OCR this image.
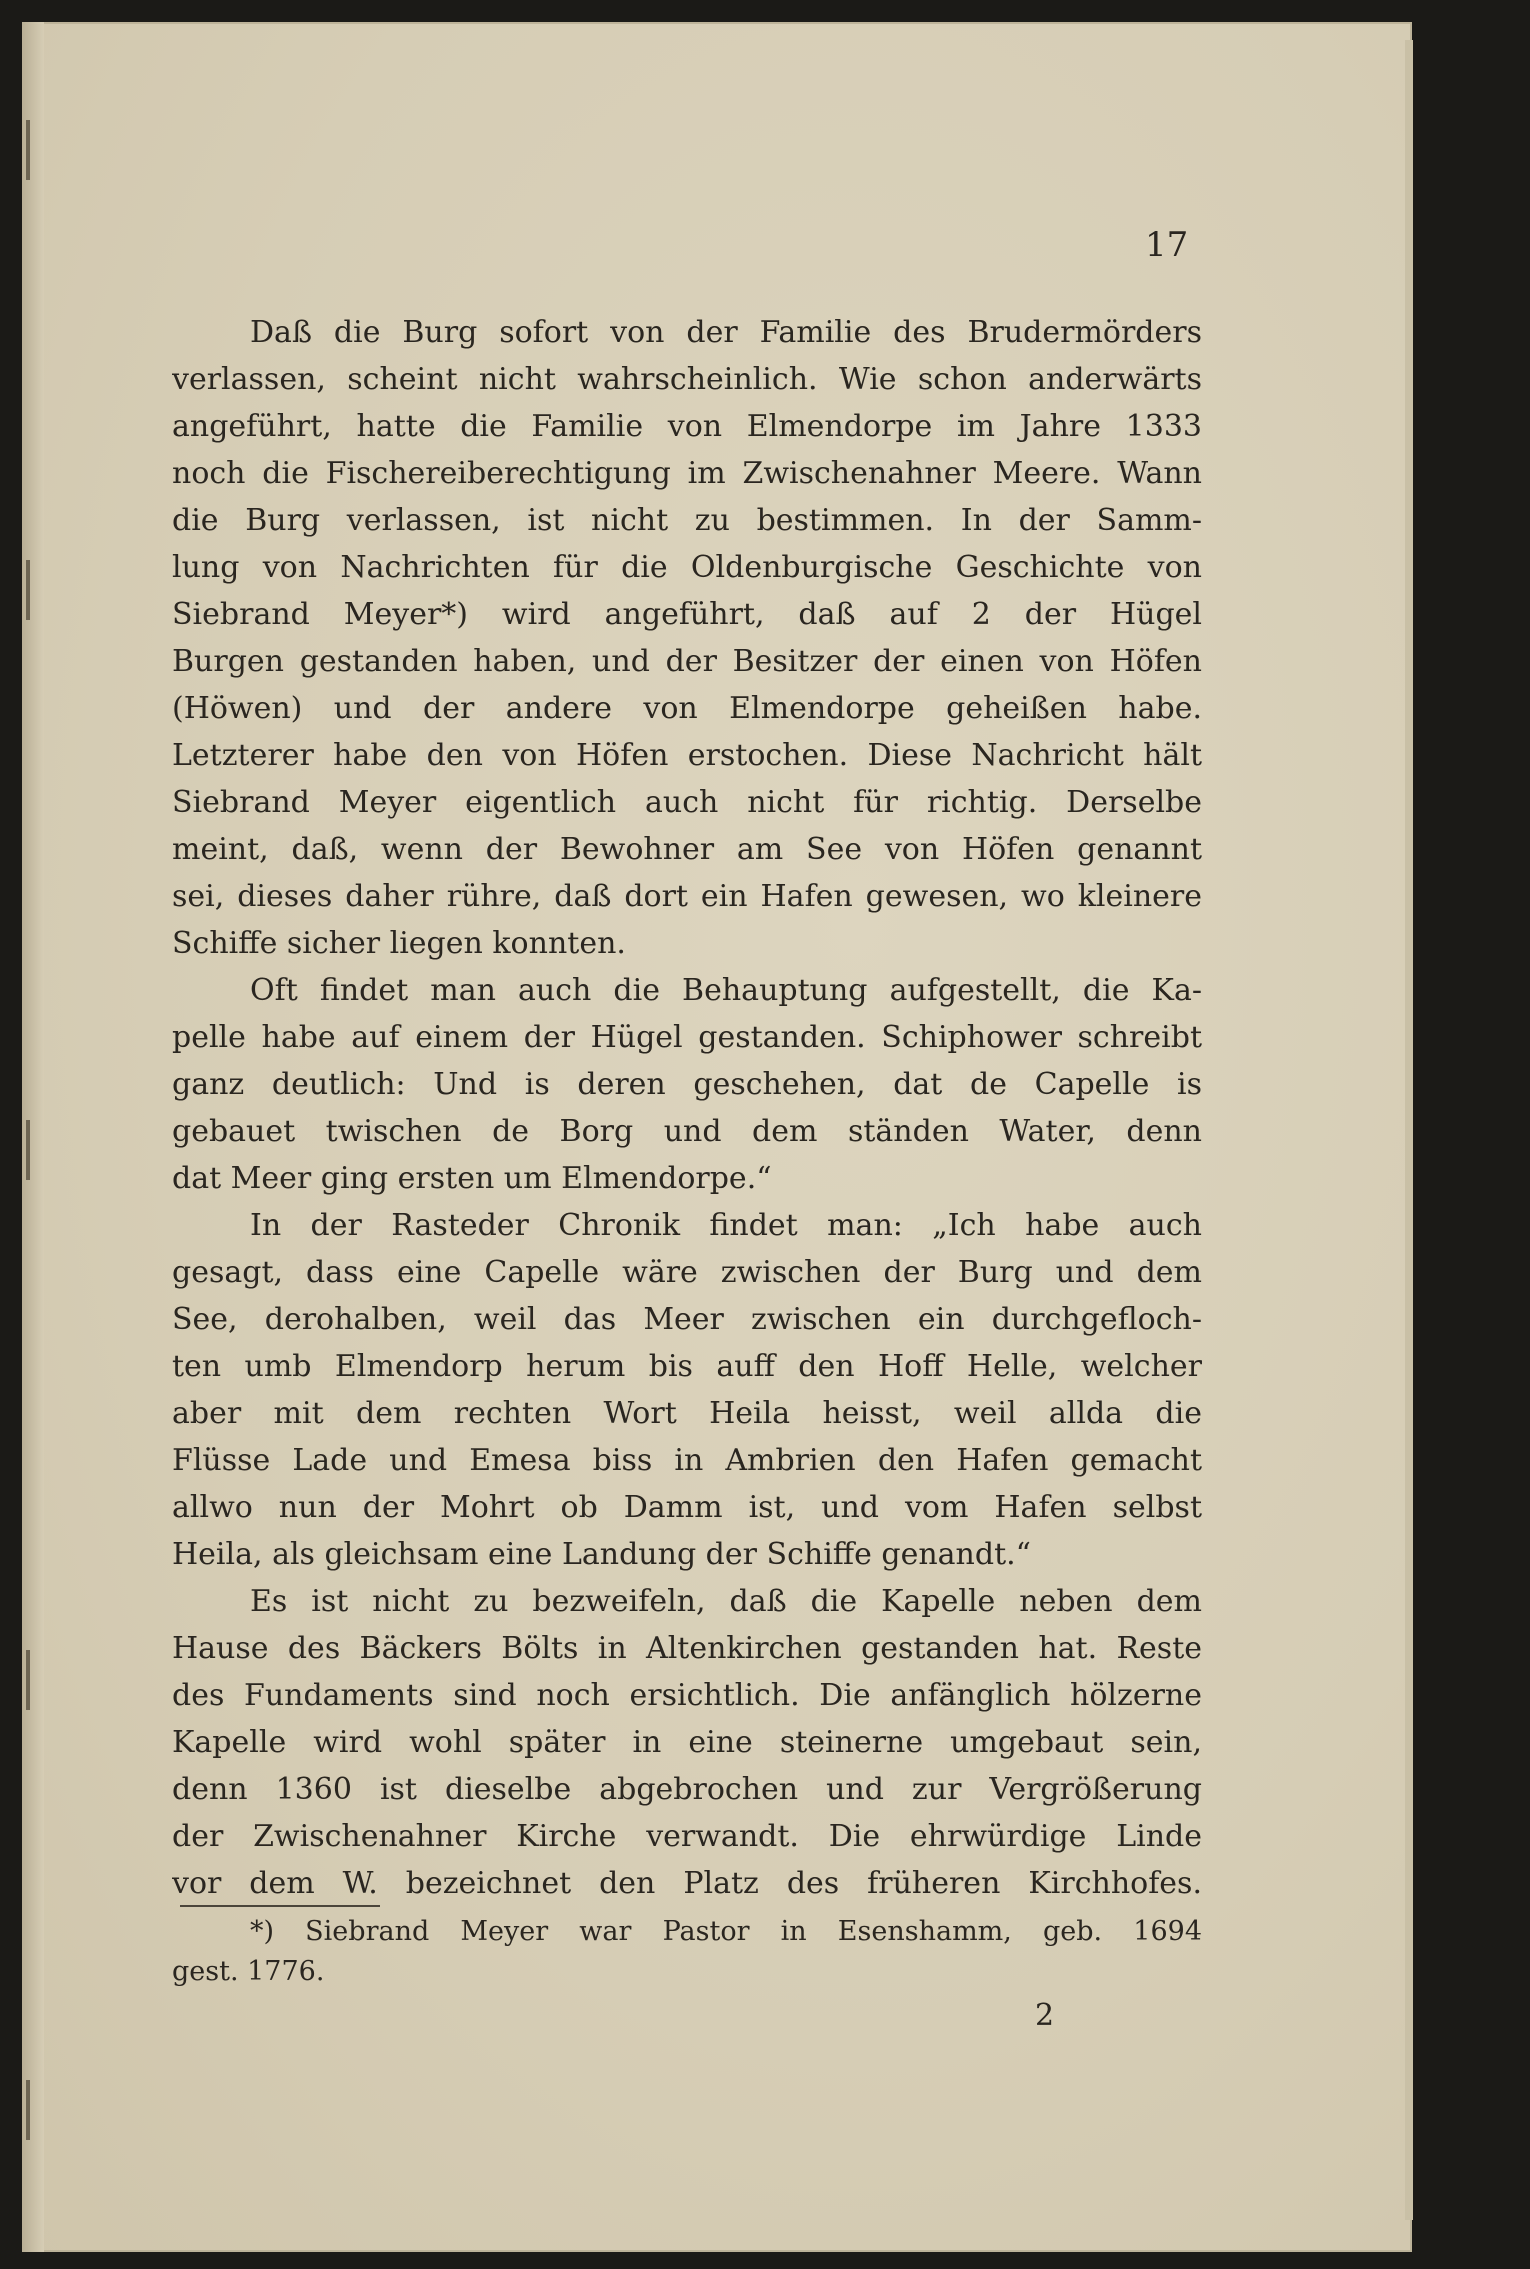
17
Daß die Burg sofort von der Familie des Brudermörders
verlassen, scheint nicht wahrscheinlich. Wie schon anderwärts
angeführt, hatte die Familie von Elmendorpe im Jahre 1333
noch die Fischereiberechtigung im Zwischenahner Meere. Wann
die Burg verlassen, ist nicht zu bestimmen. In der Samm-
lung von Nachrichten für die Oldenburgische Geschichte von
Siebrand Meyer*) wird angeführt, daß auf 2 der Hügel
Burgen gestanden haben, und der Besitzer der einen von Höfen
(Höwen) und der andere von Elmendorpe geheißen habe.
Letzterer habe den von Höfen erstochen. Diese Nachricht hält
Siebrand Meyer eigentlich auch nicht für richtig. Derselbe
meint, daß, wenn der Bewohner am See von Höfen genannt
sei, dieses daher rühre, daß dort ein Hafen gewesen, wo kleinere
Schiffe sicher liegen konnten.
Oft findet man auch die Behauptung aufgestellt, die Ka-
pelle habe auf einem der Hügel gestanden. Schiphower schreibt
ganz deutlich: Und is deren geschehen, dat de Capelle is
gebauet twischen de Borg und dem ständen Water, denn
dat Meer ging ersten um Elmendorpe.“
In der Rasteder Chronik findet man: „Ich habe auch
gesagt, dass eine Capelle wäre zwischen der Burg und dem
See, derohalben, weil das Meer zwischen ein durchgefloch-
ten umb Elmendorp herum bis auff den Hoff Helle, welcher
aber mit dem rechten Wort Heila heisst, weil allda die
Flüsse Lade und Emesa biss in Ambrien den Hafen gemacht
allwo nun der Mohrt ob Damm ist, und vom Hafen selbst
Heila, als gleichsam eine Landung der Schiffe genandt.“
Es ist nicht zu bezweifeln, daß die Kapelle neben dem
Hause des Bäckers Bölts in Altenkirchen gestanden hat. Reste
des Fundaments sind noch ersichtlich. Die anfänglich hölzerne
Kapelle wird wohl später in eine steinerne umgebaut sein,
denn 1360 ist dieselbe abgebrochen und zur Vergrößerung
der Zwischenahner Kirche verwandt. Die ehrwürdige Linde
vor dem W. bezeichnet den Platz des früheren Kirchhofes.
*) Siebrand Meyer war Pastor in Esenshamm, geb. 1694
gest. 1776.
2
